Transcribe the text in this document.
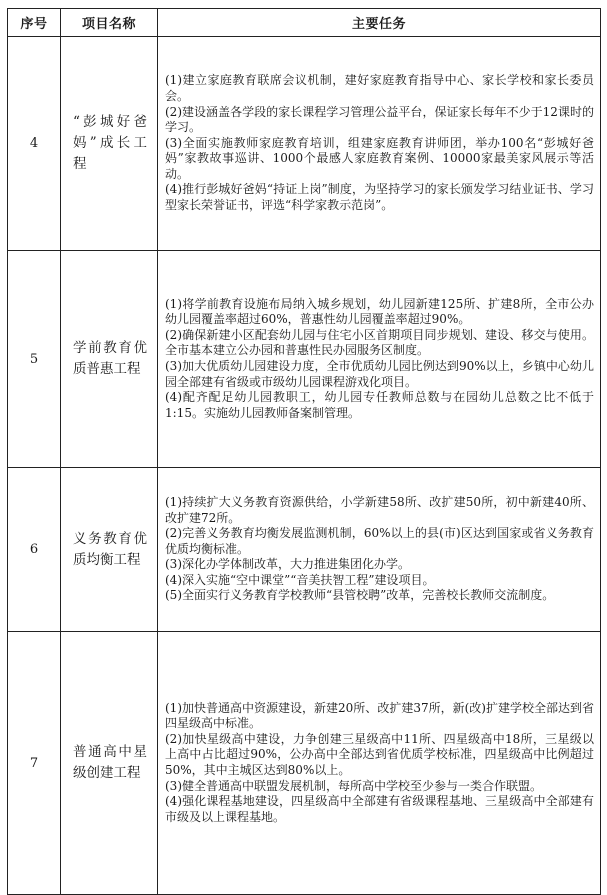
序号	项目名称	主要任务
4	“彭城好爸妈”成长工程	(1)建立家庭教育联席会议机制，建好家庭教育指导中心、家长学校和家长委员会。

(2)建设涵盖各学段的家长课程学习管理公益平台，保证家长每年不少于12课时的学习。

(3)全面实施教师家庭教育培训，组建家庭教育讲师团，举办100名“彭城好爸妈”家教故事巡讲、1000个最感人家庭教育案例、10000家最美家风展示等活动。

(4)推行彭城好爸妈“持证上岗”制度，为坚持学习的家长颁发学习结业证书、学习型家长荣誉证书，评选“科学家教示范岗”。

5	学前教育优质普惠工程	(1)将学前教育设施布局纳入城乡规划，幼儿园新建125所、扩建8所，全市公办幼儿园覆盖率超过60%，普惠性幼儿园覆盖率超过90%。

(2)确保新建小区配套幼儿园与住宅小区首期项目同步规划、建设、移交与使用。全市基本建立公办园和普惠性民办园服务区制度。

(3)加大优质幼儿园建设力度，全市优质幼儿园比例达到90%以上，乡镇中心幼儿园全部建有省级或市级幼儿园课程游戏化项目。

(4)配齐配足幼儿园教职工，幼儿园专任教师总数与在园幼儿总数之比不低于1:15。实施幼儿园教师备案制管理。

6	义务教育优质均衡工程	(1)持续扩大义务教育资源供给，小学新建58所、改扩建50所，初中新建40所、改扩建72所。

(2)完善义务教育均衡发展监测机制，60%以上的县(市)区达到国家或省义务教育优质均衡标准。

(3)深化办学体制改革，大力推进集团化办学。

(4)深入实施“空中课堂”“音美扶智工程”建设项目。

(5)全面实行义务教育学校教师“县管校聘”改革，完善校长教师交流制度。

7	普通高中星级创建工程	(1)加快普通高中资源建设，新建20所、改扩建37所，新(改)扩建学校全部达到省四星级高中标准。

(2)加快星级高中建设，力争创建三星级高中11所、四星级高中18所，三星级以上高中占比超过90%，公办高中全部达到省优质学校标准，四星级高中比例超过50%，其中主城区达到80%以上。

(3)健全普通高中联盟发展机制，每所高中学校至少参与一类合作联盟。

(4)强化课程基地建设，四星级高中全部建有省级课程基地、三星级高中全部建有市级及以上课程基地。
